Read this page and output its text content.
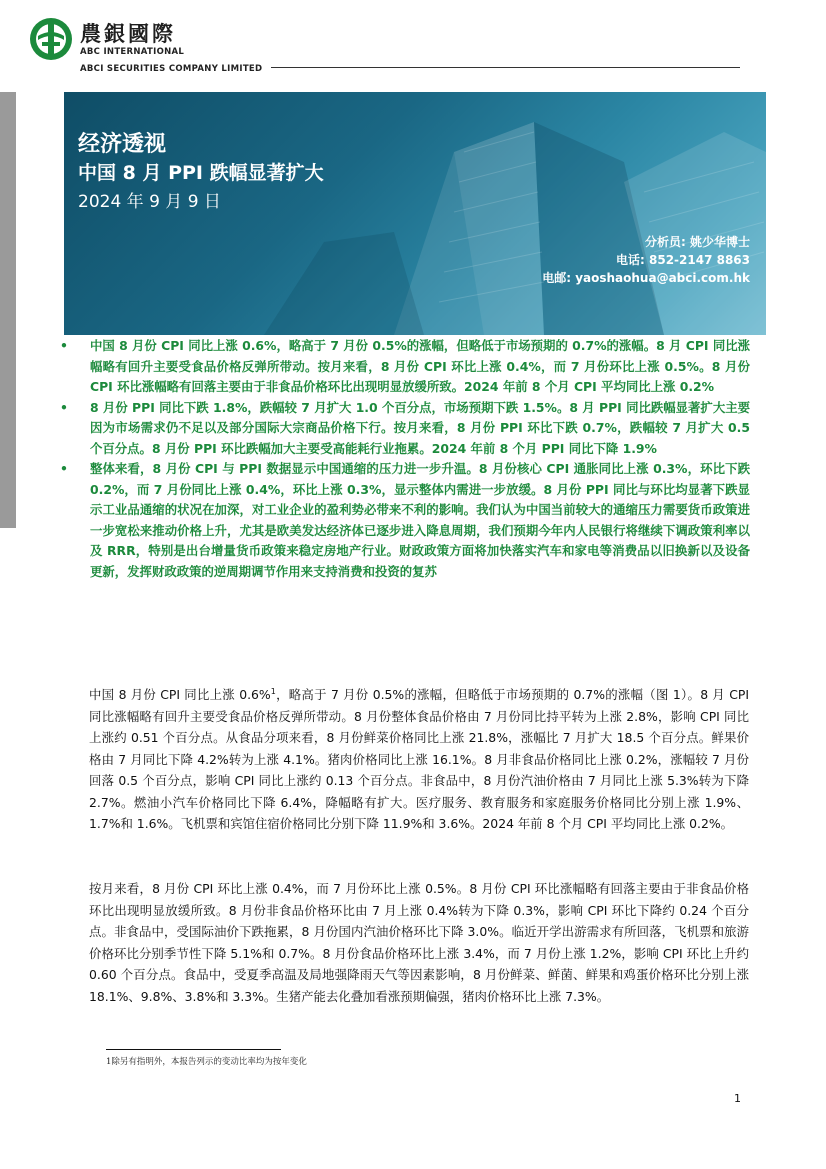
農銀國際
ABC INTERNATIONAL
ABCI SECURITIES COMPANY LIMITED
经济透视
中国 8 月 PPI 跌幅显著扩大
2024 年 9 月 9 日
分析员: 姚少华博士
电话: 852-2147 8863
电邮: yaoshaohua@abci.com.hk
• 中国 8 月份 CPI 同比上涨 0.6%，略高于 7 月份 0.5%的涨幅，但略低于市场预期的 0.7%的涨幅。8 月 CPI 同比涨幅略有回升主要受食品价格反弹所带动。按月来看，8 月份 CPI 环比上涨 0.4%，而 7 月份环比上涨 0.5%。8 月份 CPI 环比涨幅略有回落主要由于非食品价格环比出现明显放缓所致。2024 年前 8 个月 CPI 平均同比上涨 0.2%
• 8 月份 PPI 同比下跌 1.8%，跌幅较 7 月扩大 1.0 个百分点，市场预期下跌 1.5%。8 月 PPI 同比跌幅显著扩大主要因为市场需求仍不足以及部分国际大宗商品价格下行。按月来看，8 月份 PPI 环比下跌 0.7%，跌幅较 7 月扩大 0.5 个百分点。8 月份 PPI 环比跌幅加大主要受高能耗行业拖累。2024 年前 8 个月 PPI 同比下降 1.9%
• 整体来看，8 月份 CPI 与 PPI 数据显示中国通缩的压力进一步升温。8 月份核心 CPI 通胀同比上涨 0.3%，环比下跌 0.2%，而 7 月份同比上涨 0.4%，环比上涨 0.3%，显示整体内需进一步放缓。8 月份 PPI 同比与环比均显著下跌显示工业品通缩的状况在加深，对工业企业的盈利势必带来不利的影响。我们认为中国当前较大的通缩压力需要货币政策进一步宽松来推动价格上升，尤其是欧美发达经济体已逐步进入降息周期，我们预期今年内人民银行将继续下调政策利率以及 RRR，特别是出台增量货币政策来稳定房地产行业。财政政策方面将加快落实汽车和家电等消费品以旧换新以及设备更新，发挥财政政策的逆周期调节作用来支持消费和投资的复苏

中国 8 月份 CPI 同比上涨 0.6%$^1$，略高于 7 月份 0.5%的涨幅，但略低于市场预期的 0.7%的涨幅（图 1）。8 月 CPI 同比涨幅略有回升主要受食品价格反弹所带动。8 月份整体食品价格由 7 月份同比持平转为上涨 2.8%，影响 CPI 同比上涨约 0.51 个百分点。从食品分项来看，8 月份鲜菜价格同比上涨 21.8%，涨幅比 7 月扩大 18.5 个百分点。鲜果价格由 7 月同比下降 4.2%转为上涨 4.1%。猪肉价格同比上涨 16.1%。8 月非食品价格同比上涨 0.2%，涨幅较 7 月份回落 0.5 个百分点，影响 CPI 同比上涨约 0.13 个百分点。非食品中，8 月份汽油价格由 7 月同比上涨 5.3%转为下降 2.7%。燃油小汽车价格同比下降 6.4%，降幅略有扩大。医疗服务、教育服务和家庭服务价格同比分别上涨 1.9%、1.7%和 1.6%。飞机票和宾馆住宿价格同比分别下降 11.9%和 3.6%。2024 年前 8 个月 CPI 平均同比上涨 0.2%。

按月来看，8 月份 CPI 环比上涨 0.4%，而 7 月份环比上涨 0.5%。8 月份 CPI 环比涨幅略有回落主要由于非食品价格环比出现明显放缓所致。8 月份非食品价格环比由 7 月上涨 0.4%转为下降 0.3%，影响 CPI 环比下降约 0.24 个百分点。非食品中，受国际油价下跌拖累，8 月份国内汽油价格环比下降 3.0%。临近开学出游需求有所回落，飞机票和旅游价格环比分别季节性下降 5.1%和 0.7%。8 月份食品价格环比上涨 3.4%，而 7 月份上涨 1.2%，影响 CPI 环比上升约 0.60 个百分点。食品中，受夏季高温及局地强降雨天气等因素影响，8 月份鲜菜、鲜菌、鲜果和鸡蛋价格环比分别上涨 18.1%、9.8%、3.8%和 3.3%。生猪产能去化叠加看涨预期偏强，猪肉价格环比上涨 7.3%。

1除另有指明外，本报告列示的变动比率均为按年变化
1
